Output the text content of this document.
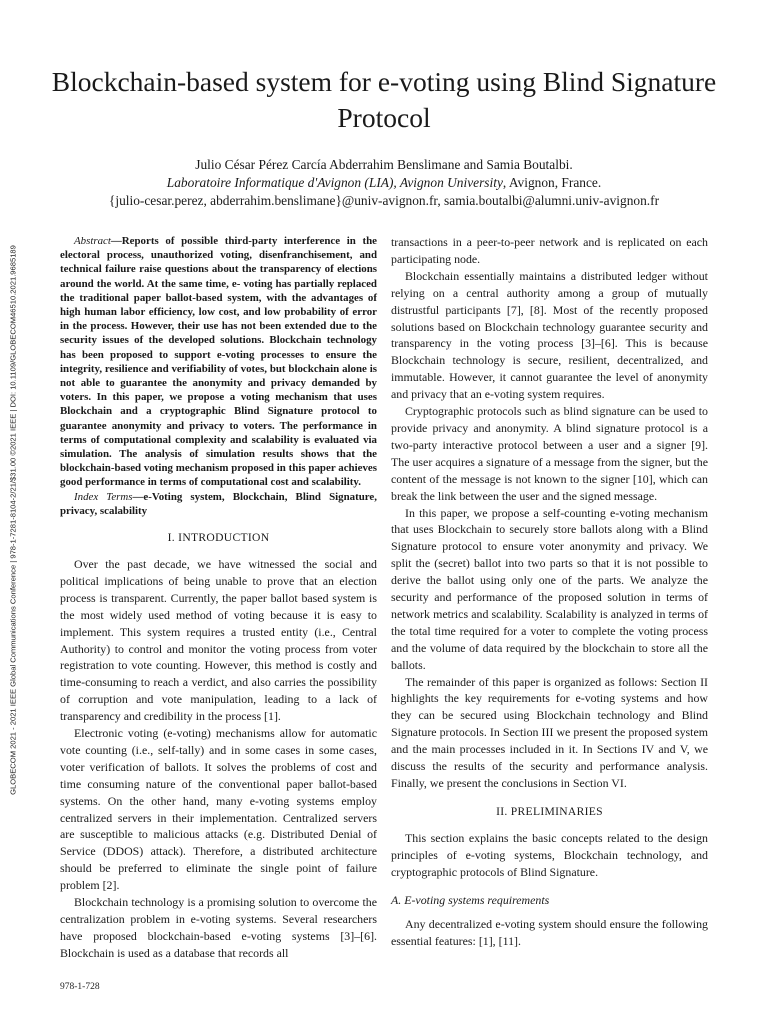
GLOBECOM 2021 - 2021 IEEE Global Communications Conference | 978-1-7281-8104-2/21/$31.00 ©2021 IEEE | DOI: 10.1109/GLOBECOM46510.2021.9685189
Blockchain-based system for e-voting using Blind Signature Protocol
Julio César Pérez Carcía Abderrahim Benslimane and Samia Boutalbi.
Laboratoire Informatique d'Avignon (LIA), Avignon University, Avignon, France.
{julio-cesar.perez, abderrahim.benslimane}@univ-avignon.fr, samia.boutalbi@alumni.univ-avignon.fr

Abstract—Reports of possible third-party interference in the electoral process, unauthorized voting, disenfranchisement, and technical failure raise questions about the transparency of elections around the world. At the same time, e- voting has partially replaced the traditional paper ballot-based system, with the advantages of high human labor efficiency, low cost, and low probability of error in the process. However, their use has not been extended due to the security issues of the developed solutions. Blockchain technology has been proposed to support e-voting processes to ensure the integrity, resilience and verifiability of votes, but blockchain alone is not able to guarantee the anonymity and privacy demanded by voters. In this paper, we propose a voting mechanism that uses Blockchain and a cryptographic Blind Signature protocol to guarantee anonymity and privacy to voters. The performance in terms of computational complexity and scalability is evaluated via simulation. The analysis of simulation results shows that the blockchain-based voting mechanism proposed in this paper achieves good performance in terms of computational cost and scalability.

Index Terms—e-Voting system, Blockchain, Blind Signature, privacy, scalability

I. INTRODUCTION

Over the past decade, we have witnessed the social and political implications of being unable to prove that an election process is transparent. Currently, the paper ballot based system is the most widely used method of voting because it is easy to implement. This system requires a trusted entity (i.e., Central Authority) to control and monitor the voting process from voter registration to vote counting. However, this method is costly and time-consuming to reach a verdict, and also carries the possibility of corruption and vote manipulation, leading to a lack of transparency and credibility in the process [1].

Electronic voting (e-voting) mechanisms allow for automatic vote counting (i.e., self-tally) and in some cases in some cases, voter verification of ballots. It solves the problems of cost and time consuming nature of the conventional paper ballot-based systems. On the other hand, many e-voting systems employ centralized servers in their implementation. Centralized servers are susceptible to malicious attacks (e.g. Distributed Denial of Service (DDOS) attack). Therefore, a distributed architecture should be preferred to eliminate the single point of failure problem [2].

Blockchain technology is a promising solution to overcome the centralization problem in e-voting systems. Several researchers have proposed blockchain-based e-voting systems [3]–[6]. Blockchain is used as a database that records all

transactions in a peer-to-peer network and is replicated on each participating node.

Blockchain essentially maintains a distributed ledger without relying on a central authority among a group of mutually distrustful participants [7], [8]. Most of the recently proposed solutions based on Blockchain technology guarantee security and transparency in the voting process [3]–[6]. This is because Blockchain technology is secure, resilient, decentralized, and immutable. However, it cannot guarantee the level of anonymity and privacy that an e-voting system requires.

Cryptographic protocols such as blind signature can be used to provide privacy and anonymity. A blind signature protocol is a two-party interactive protocol between a user and a signer [9]. The user acquires a signature of a message from the signer, but the content of the message is not known to the signer [10], which can break the link between the user and the signed message.

In this paper, we propose a self-counting e-voting mechanism that uses Blockchain to securely store ballots along with a Blind Signature protocol to ensure voter anonymity and privacy. We split the (secret) ballot into two parts so that it is not possible to derive the ballot using only one of the parts. We analyze the security and performance of the proposed solution in terms of network metrics and scalability. Scalability is analyzed in terms of the total time required for a voter to complete the voting process and the volume of data required by the blockchain to store all the ballots.

The remainder of this paper is organized as follows: Section II highlights the key requirements for e-voting systems and how they can be secured using Blockchain technology and Blind Signature protocols. In Section III we present the proposed system and the main processes included in it. In Sections IV and V, we discuss the results of the security and performance analysis. Finally, we present the conclusions in Section VI.

II. PRELIMINARIES

This section explains the basic concepts related to the design principles of e-voting systems, Blockchain technology, and cryptographic protocols of Blind Signature.

A. E-voting systems requirements

Any decentralized e-voting system should ensure the following essential features: [1], [11].

978-1-728
